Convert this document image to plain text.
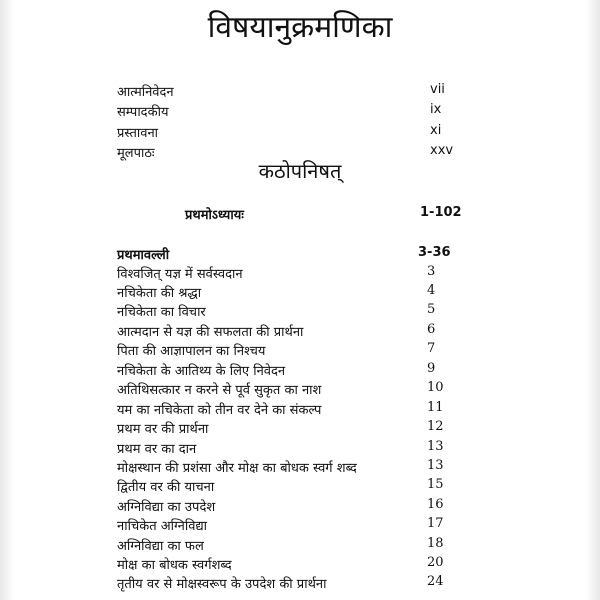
विषयानुक्रमणिका
आत्मनिवेदन	vii
सम्पादकीय	ix
प्रस्तावना	xi
मूलपाठः	xxv
कठोपनिषत्
प्रथमोऽध्यायः	1-102
प्रथमावल्ली	3-36
विश्वजित् यज्ञ में सर्वस्वदान	3
नचिकेता की श्रद्धा	4
नचिकेता का विचार	5
आत्मदान से यज्ञ की सफलता की प्रार्थना	6
पिता की आज्ञापालन का निश्चय	7
नचिकेता के आतिथ्य के लिए निवेदन	9
अतिथिसत्कार न करने से पूर्व सुकृत का नाश	10
यम का नचिकेता को तीन वर देने का संकल्प	11
प्रथम वर की प्रार्थना	12
प्रथम वर का दान	13
मोक्षस्थान की प्रशंसा और मोक्ष का बोधक स्वर्ग शब्द	13
द्वितीय वर की याचना	15
अग्निविद्या का उपदेश	16
नाचिकेत अग्निविद्या	17
अग्निविद्या का फल	18
मोक्ष का बोधक स्वर्गशब्द	20
तृतीय वर से मोक्षस्वरूप के उपदेश की प्रार्थना	24
